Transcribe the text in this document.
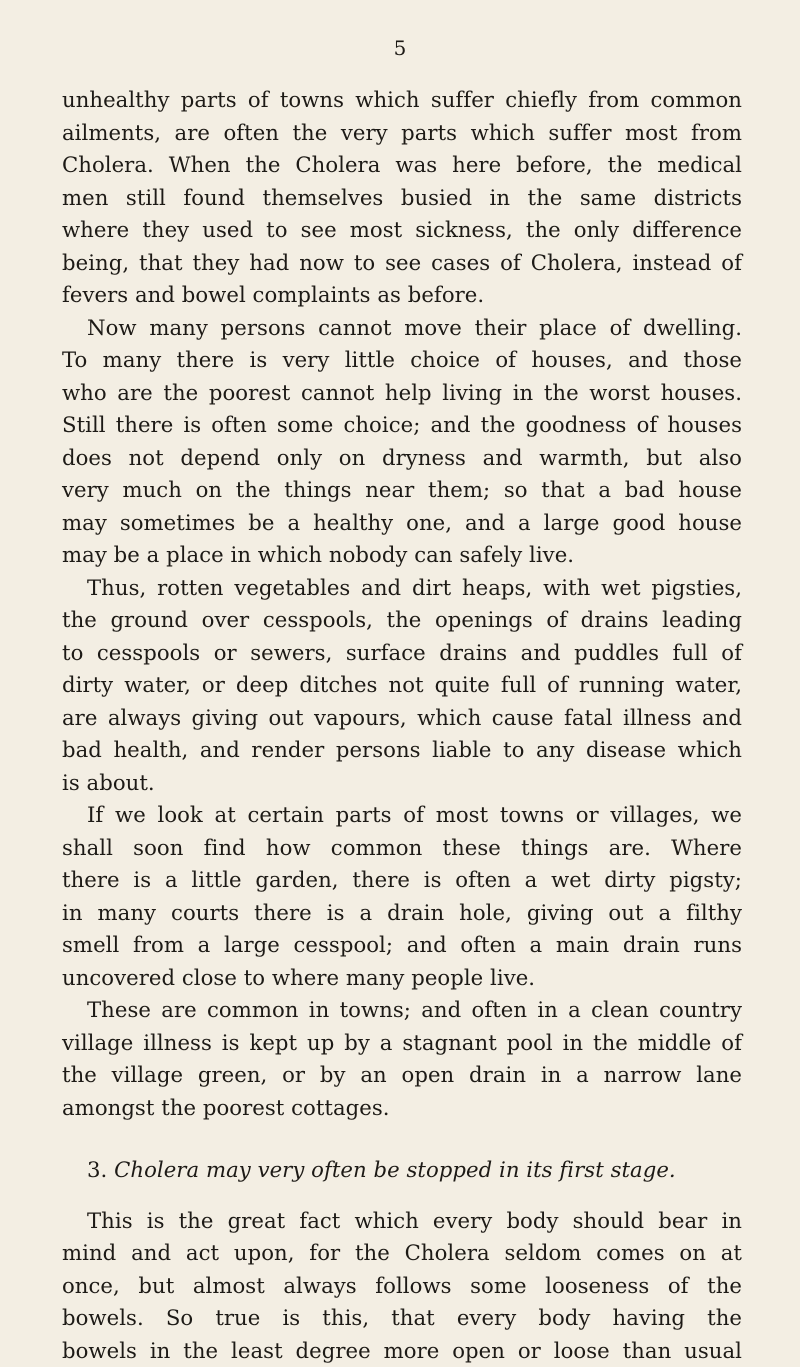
5
unhealthy parts of towns which suffer chiefly from common
ailments, are often the very parts which suffer most from
Cholera. When the Cholera was here before, the medical
men still found themselves busied in the same districts
where they used to see most sickness, the only difference
being, that they had now to see cases of Cholera, instead of
fevers and bowel complaints as before.
Now many persons cannot move their place of dwelling.
To many there is very little choice of houses, and those
who are the poorest cannot help living in the worst houses.
Still there is often some choice; and the goodness of houses
does not depend only on dryness and warmth, but also
very much on the things near them; so that a bad house
may sometimes be a healthy one, and a large good house
may be a place in which nobody can safely live.
Thus, rotten vegetables and dirt heaps, with wet pigsties,
the ground over cesspools, the openings of drains leading
to cesspools or sewers, surface drains and puddles full of
dirty water, or deep ditches not quite full of running water,
are always giving out vapours, which cause fatal illness and
bad health, and render persons liable to any disease which
is about.
If we look at certain parts of most towns or villages, we
shall soon find how common these things are. Where
there is a little garden, there is often a wet dirty pigsty;
in many courts there is a drain hole, giving out a filthy
smell from a large cesspool; and often a main drain runs
uncovered close to where many people live.
These are common in towns; and often in a clean country
village illness is kept up by a stagnant pool in the middle of
the village green, or by an open drain in a narrow lane
amongst the poorest cottages.
3. Cholera may very often be stopped in its first stage.
This is the great fact which every body should bear in
mind and act upon, for the Cholera seldom comes on at
once, but almost always follows some looseness of the
bowels. So true is this, that every body having the
bowels in the least degree more open or loose than usual
